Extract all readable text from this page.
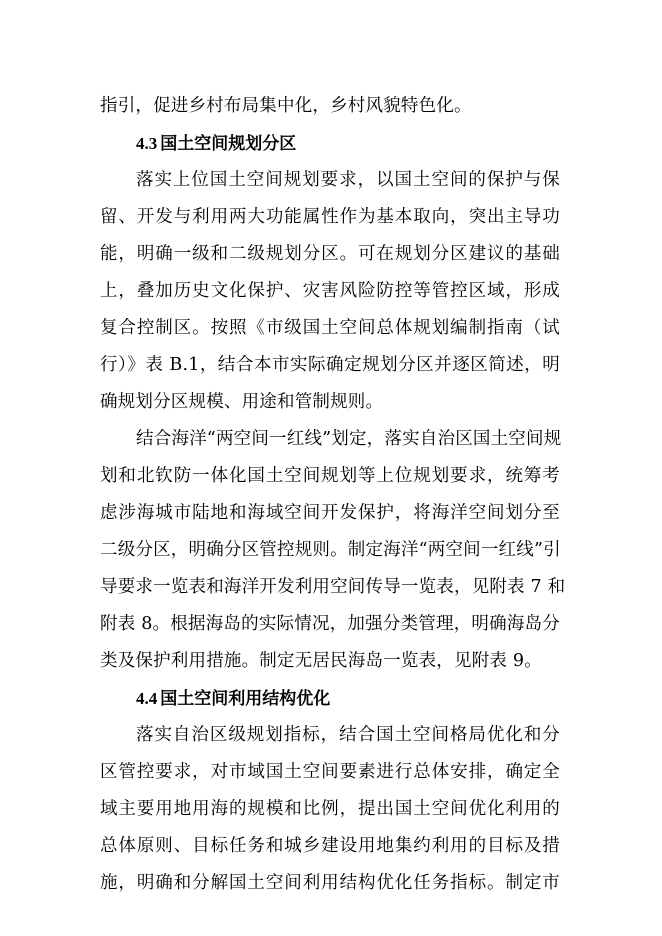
指引，促进乡村布局集中化，乡村风貌特色化。
4.3 国土空间规划分区
落实上位国土空间规划要求，以国土空间的保护与保
留、开发与利用两大功能属性作为基本取向，突出主导功
能，明确一级和二级规划分区。可在规划分区建议的基础
上，叠加历史文化保护、灾害风险防控等管控区域，形成
复合控制区。按照《市级国土空间总体规划编制指南（试
行）》表 B.1，结合本市实际确定规划分区并逐区简述，明
确规划分区规模、用途和管制规则。
结合海洋“两空间一红线”划定，落实自治区国土空间规
划和北钦防一体化国土空间规划等上位规划要求，统筹考
虑涉海城市陆地和海域空间开发保护，将海洋空间划分至
二级分区，明确分区管控规则。制定海洋“两空间一红线”引
导要求一览表和海洋开发利用空间传导一览表，见附表 7 和
附表 8。根据海岛的实际情况，加强分类管理，明确海岛分
类及保护利用措施。制定无居民海岛一览表，见附表 9。
4.4 国土空间利用结构优化
落实自治区级规划指标，结合国土空间格局优化和分
区管控要求，对市域国土空间要素进行总体安排，确定全
域主要用地用海的规模和比例，提出国土空间优化利用的
总体原则、目标任务和城乡建设用地集约利用的目标及措
施，明确和分解国土空间利用结构优化任务指标。制定市
